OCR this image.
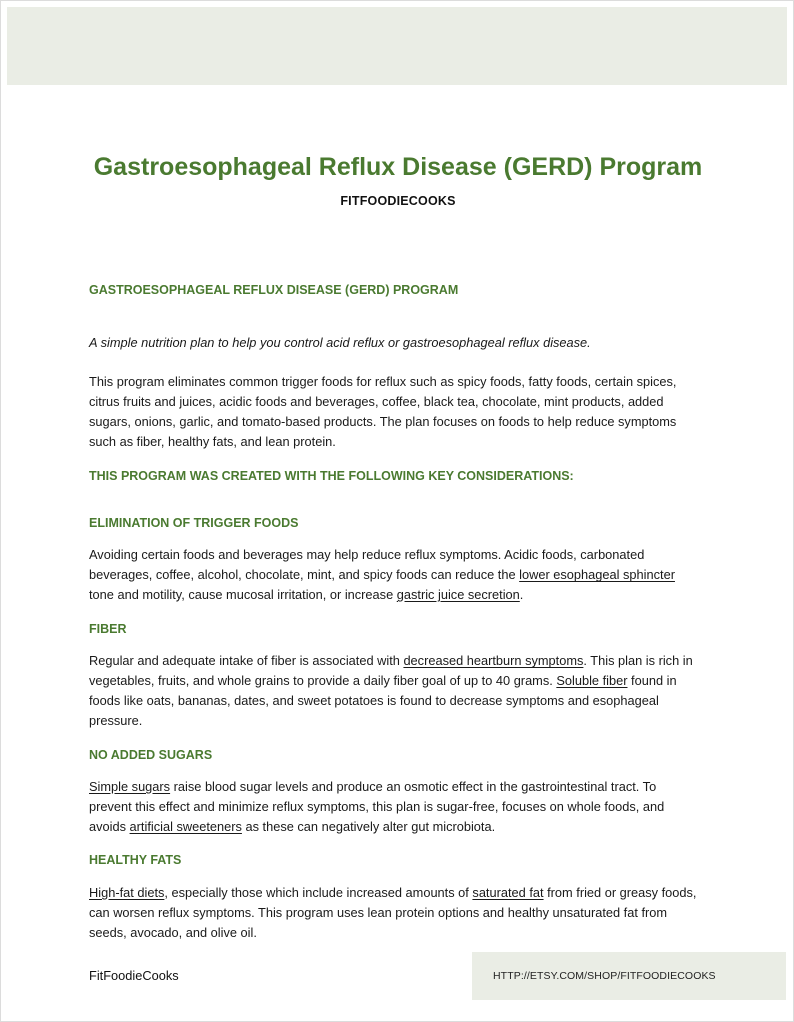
Gastroesophageal Reflux Disease (GERD) Program
FITFOODIECOOKS
GASTROESOPHAGEAL REFLUX DISEASE (GERD) PROGRAM

A simple nutrition plan to help you control acid reflux or gastroesophageal reflux disease.

This program eliminates common trigger foods for reflux such as spicy foods, fatty foods, certain spices, citrus fruits and juices, acidic foods and beverages, coffee, black tea, chocolate, mint products, added sugars, onions, garlic, and tomato-based products. The plan focuses on foods to help reduce symptoms such as fiber, healthy fats, and lean protein.

THIS PROGRAM WAS CREATED WITH THE FOLLOWING KEY CONSIDERATIONS:
ELIMINATION OF TRIGGER FOODS

Avoiding certain foods and beverages may help reduce reflux symptoms. Acidic foods, carbonated beverages, coffee, alcohol, chocolate, mint, and spicy foods can reduce the lower esophageal sphincter tone and motility, cause mucosal irritation, or increase gastric juice secretion.

FIBER

Regular and adequate intake of fiber is associated with decreased heartburn symptoms. This plan is rich in vegetables, fruits, and whole grains to provide a daily fiber goal of up to 40 grams. Soluble fiber found in foods like oats, bananas, dates, and sweet potatoes is found to decrease symptoms and esophageal pressure.

NO ADDED SUGARS

Simple sugars raise blood sugar levels and produce an osmotic effect in the gastrointestinal tract. To prevent this effect and minimize reflux symptoms, this plan is sugar-free, focuses on whole foods, and avoids artificial sweeteners as these can negatively alter gut microbiota.

HEALTHY FATS

High-fat diets, especially those which include increased amounts of saturated fat from fried or greasy foods, can worsen reflux symptoms. This program uses lean protein options and healthy unsaturated fat from seeds, avocado, and olive oil.

FitFoodieCooks	HTTP://ETSY.COM/SHOP/FITFOODIECOOKS
